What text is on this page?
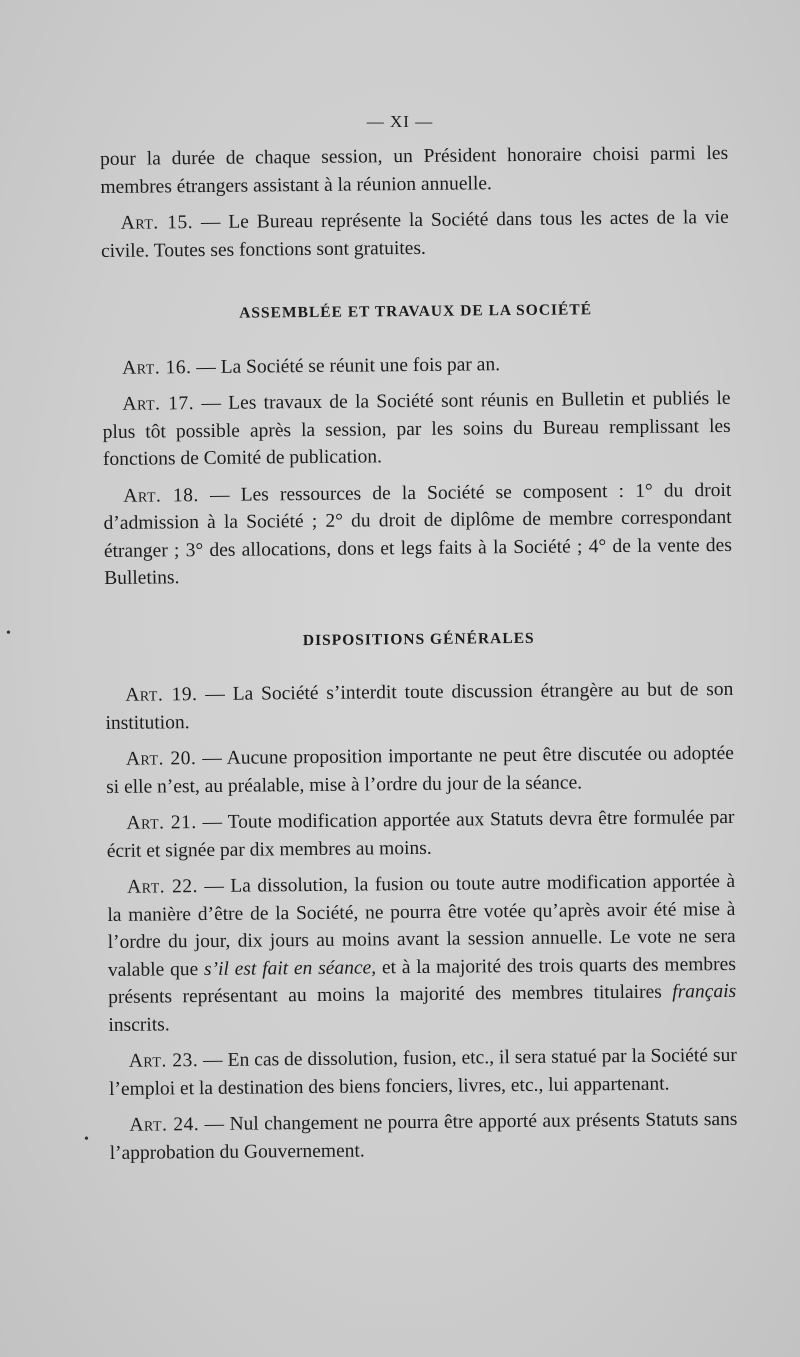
— XI —
•
•

pour la durée de chaque session, un Président honoraire choisi parmi les membres étrangers assistant à la réunion annuelle.

Art. 15. — Le Bureau représente la Société dans tous les actes de la vie civile. Toutes ses fonctions sont gratuites.

ASSEMBLÉE ET TRAVAUX DE LA SOCIÉTÉ

Art. 16. — La Société se réunit une fois par an.

Art. 17. — Les travaux de la Société sont réunis en Bulletin et publiés le plus tôt possible après la session, par les soins du Bureau remplissant les fonctions de Comité de publication.

Art. 18. — Les ressources de la Société se composent : 1° du droit d’admission à la Société ; 2° du droit de diplôme de membre correspondant étranger ; 3° des allocations, dons et legs faits à la Société ; 4° de la vente des Bulletins.

DISPOSITIONS GÉNÉRALES

Art. 19. — La Société s’interdit toute discussion étrangère au but de son institution.

Art. 20. — Aucune proposition importante ne peut être discutée ou adoptée si elle n’est, au préalable, mise à l’ordre du jour de la séance.

Art. 21. — Toute modification apportée aux Statuts devra être formulée par écrit et signée par dix membres au moins.

Art. 22. — La dissolution, la fusion ou toute autre modification apportée à la manière d’être de la Société, ne pourra être votée qu’après avoir été mise à l’ordre du jour, dix jours au moins avant la session annuelle. Le vote ne sera valable que s’il est fait en séance, et à la majorité des trois quarts des membres présents représentant au moins la majorité des membres titulaires français inscrits.

Art. 23. — En cas de dissolution, fusion, etc., il sera statué par la Société sur l’emploi et la destination des biens fonciers, livres, etc., lui appartenant.

Art. 24. — Nul changement ne pourra être apporté aux présents Statuts sans l’approbation du Gouvernement.
